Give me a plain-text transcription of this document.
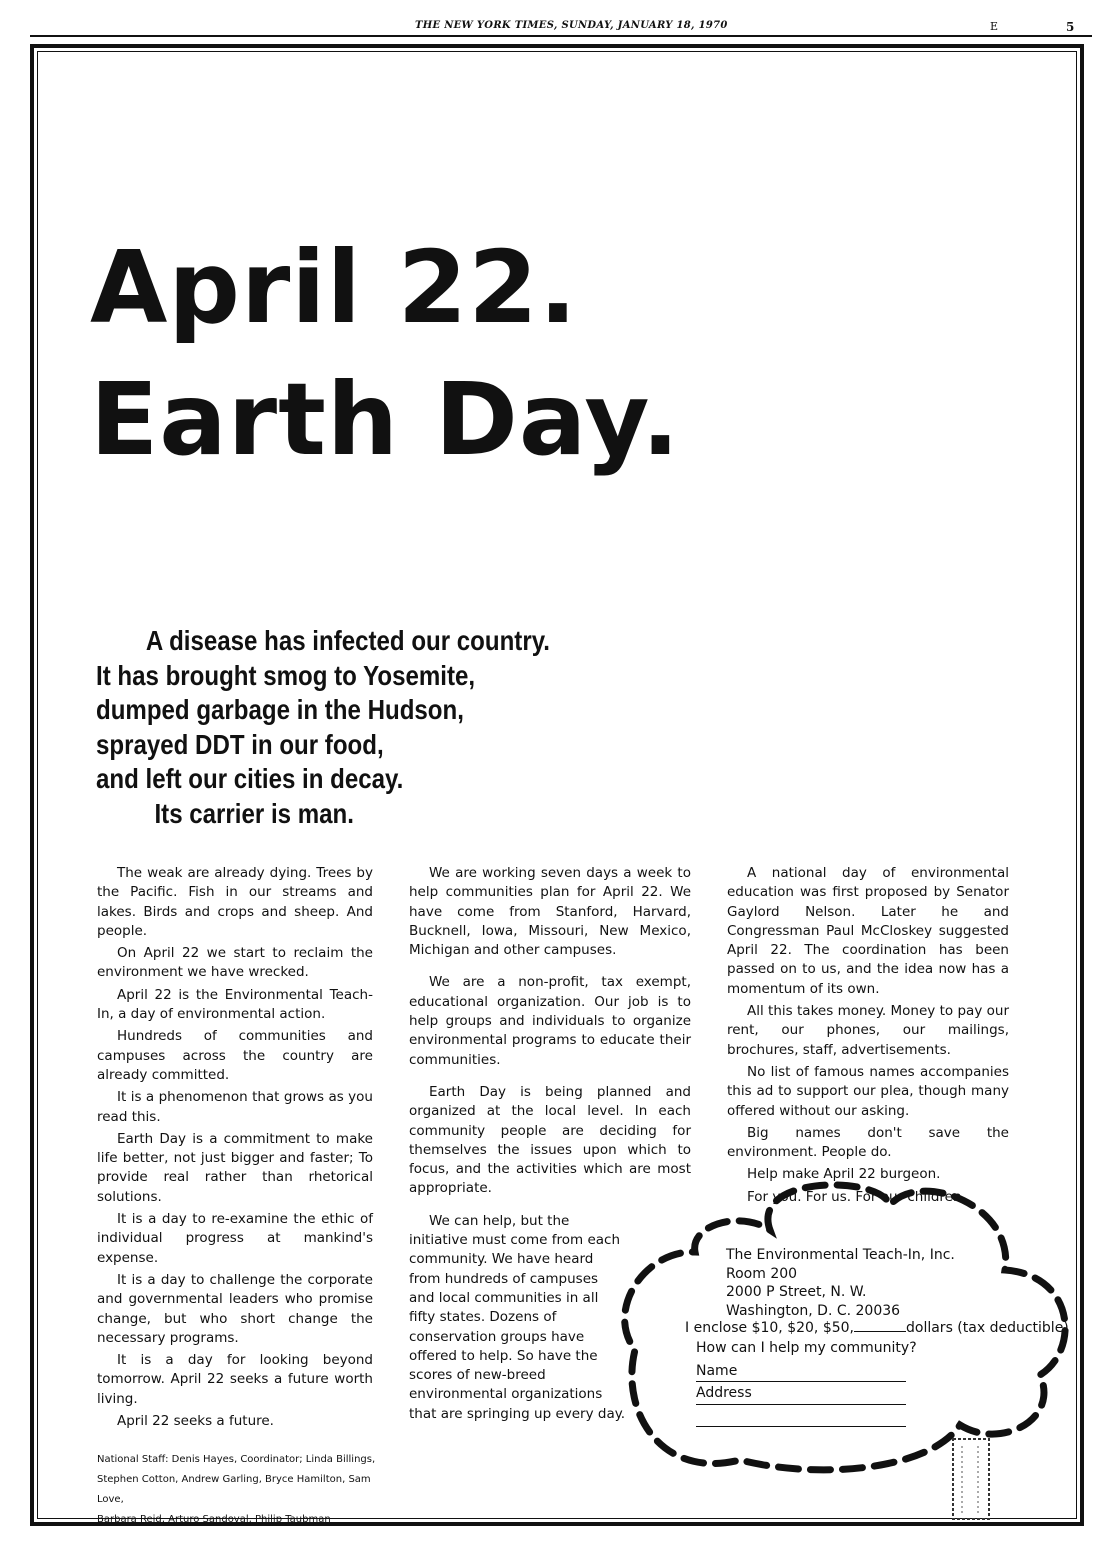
THE NEW YORK TIMES, SUNDAY, JANUARY 18, 1970	E	5
April 22.
Earth Day.
A disease has infected our country.
It has brought smog to Yosemite,
dumped garbage in the Hudson,
sprayed DDT in our food,
and left our cities in decay.
Its carrier is man.

The weak are already dying. Trees by the Pacific. Fish in our streams and lakes. Birds and crops and sheep. And people.

On April 22 we start to reclaim the environment we have wrecked.

April 22 is the Environmental Teach-In, a day of environmental action.

Hundreds of communities and campuses across the country are already committed.

It is a phenomenon that grows as you read this.

Earth Day is a commitment to make life better, not just bigger and faster; To provide real rather than rhetorical solutions.

It is a day to re-examine the ethic of individual progress at mankind's expense.

It is a day to challenge the corporate and governmental leaders who promise change, but who short change the necessary programs.

It is a day for looking beyond tomorrow. April 22 seeks a future worth living.

April 22 seeks a future.

We are working seven days a week to help communities plan for April 22. We have come from Stanford, Harvard, Bucknell, Iowa, Missouri, New Mexico, Michigan and other campuses.

We are a non-profit, tax exempt, educational organization. Our job is to help groups and individuals to organize environmental programs to educate their communities.

Earth Day is being planned and organized at the local level. In each community people are deciding for themselves the issues upon which to focus, and the activities which are most appropriate.

We can help, but the initiative must come from each community. We have heard from hundreds of campuses and local communities in all fifty states. Dozens of conservation groups have offered to help. So have the scores of new-breed environmental organizations that are springing up every day.

A national day of environmental education was first proposed by Senator Gaylord Nelson. Later he and Congressman Paul McCloskey suggested April 22. The coordination has been passed on to us, and the idea now has a momentum of its own.

All this takes money. Money to pay our rent, our phones, our mailings, brochures, staff, advertisements.

No list of famous names accompanies this ad to support our plea, though many offered without our asking.

Big names don't save the environment. People do.

Help make April 22 burgeon.

For you. For us. For our children.

National Staff: Denis Hayes, Coordinator; Linda Billings,
Stephen Cotton, Andrew Garling, Bryce Hamilton, Sam Love,
Barbara Reid, Arturo Sandoval, Philip Taubman
The Environmental Teach-In, Inc.
Room 200
2000 P Street, N. W.
Washington, D. C. 20036
I enclose $10, $20, $50,	dollars (tax deductible)
How can I help my community?
Name
Address
